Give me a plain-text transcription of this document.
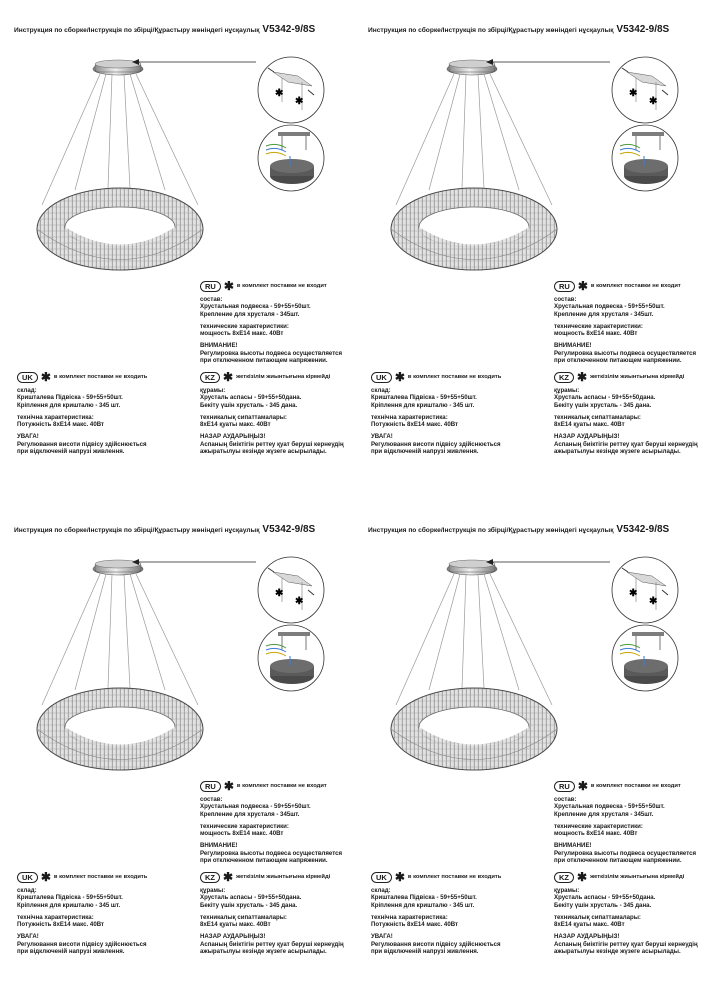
Инструкция по сборке/Інструкція по збірці/Құрастыру жөніндегі нұсқаулық V5342-9/8S
RU ✱ в комплект поставки не входит
состав:
Хрустальная подвеска - 59+55+50шт.
Крепление для хрусталя - 345шт.
технические характеристики:
мощность 8хЕ14 макс. 40Вт
ВНИМАНИЕ!
Регулировка высоты подвеса осуществляется
при отключенном питающем напряжении.
UK ✱ в комплект поставки не входить
склад:
Кришталева Підвіска - 59+55+50шт.
Кріплення для кришталю - 345 шт.
технічна характеристика:
Потужність 8хЕ14 макс. 40Вт
УВАГА!
Регулювання висоти підвісу здійснюється
при відключеній напрузі живлення.
KZ ✱ жеткізілім жиынтығына кірмейді
құрамы:
Хрусталь аспасы - 59+55+50дана.
Бекіту үшін хрусталь - 345 дана.
техникалық сипаттамалары:
8хЕ14 қуаты макс. 40Вт
НАЗАР АУДАРЫҢЫЗ!
Аспаның биіктігін реттеу қуат беруші кернеудің
ажыратылуы кезінде жүзеге асырылады.
Инструкция по сборке/Інструкція по збірці/Құрастыру жөніндегі нұсқаулық V5342-9/8S
RU ✱ в комплект поставки не входит
состав:
Хрустальная подвеска - 59+55+50шт.
Крепление для хрусталя - 345шт.
технические характеристики:
мощность 8хЕ14 макс. 40Вт
ВНИМАНИЕ!
Регулировка высоты подвеса осуществляется
при отключенном питающем напряжении.
UK ✱ в комплект поставки не входить
склад:
Кришталева Підвіска - 59+55+50шт.
Кріплення для кришталю - 345 шт.
технічна характеристика:
Потужність 8хЕ14 макс. 40Вт
УВАГА!
Регулювання висоти підвісу здійснюється
при відключеній напрузі живлення.
KZ ✱ жеткізілім жиынтығына кірмейді
құрамы:
Хрусталь аспасы - 59+55+50дана.
Бекіту үшін хрусталь - 345 дана.
техникалық сипаттамалары:
8хЕ14 қуаты макс. 40Вт
НАЗАР АУДАРЫҢЫЗ!
Аспаның биіктігін реттеу қуат беруші кернеудің
ажыратылуы кезінде жүзеге асырылады.
Инструкция по сборке/Інструкція по збірці/Құрастыру жөніндегі нұсқаулық V5342-9/8S
RU ✱ в комплект поставки не входит
состав:
Хрустальная подвеска - 59+55+50шт.
Крепление для хрусталя - 345шт.
технические характеристики:
мощность 8хЕ14 макс. 40Вт
ВНИМАНИЕ!
Регулировка высоты подвеса осуществляется
при отключенном питающем напряжении.
UK ✱ в комплект поставки не входить
склад:
Кришталева Підвіска - 59+55+50шт.
Кріплення для кришталю - 345 шт.
технічна характеристика:
Потужність 8хЕ14 макс. 40Вт
УВАГА!
Регулювання висоти підвісу здійснюється
при відключеній напрузі живлення.
KZ ✱ жеткізілім жиынтығына кірмейді
құрамы:
Хрусталь аспасы - 59+55+50дана.
Бекіту үшін хрусталь - 345 дана.
техникалық сипаттамалары:
8хЕ14 қуаты макс. 40Вт
НАЗАР АУДАРЫҢЫЗ!
Аспаның биіктігін реттеу қуат беруші кернеудің
ажыратылуы кезінде жүзеге асырылады.
Инструкция по сборке/Інструкція по збірці/Құрастыру жөніндегі нұсқаулық V5342-9/8S
RU ✱ в комплект поставки не входит
состав:
Хрустальная подвеска - 59+55+50шт.
Крепление для хрусталя - 345шт.
технические характеристики:
мощность 8хЕ14 макс. 40Вт
ВНИМАНИЕ!
Регулировка высоты подвеса осуществляется
при отключенном питающем напряжении.
UK ✱ в комплект поставки не входить
склад:
Кришталева Підвіска - 59+55+50шт.
Кріплення для кришталю - 345 шт.
технічна характеристика:
Потужність 8хЕ14 макс. 40Вт
УВАГА!
Регулювання висоти підвісу здійснюється
при відключеній напрузі живлення.
KZ ✱ жеткізілім жиынтығына кірмейді
құрамы:
Хрусталь аспасы - 59+55+50дана.
Бекіту үшін хрусталь - 345 дана.
техникалық сипаттамалары:
8хЕ14 қуаты макс. 40Вт
НАЗАР АУДАРЫҢЫЗ!
Аспаның биіктігін реттеу қуат беруші кернеудің
ажыратылуы кезінде жүзеге асырылады.
